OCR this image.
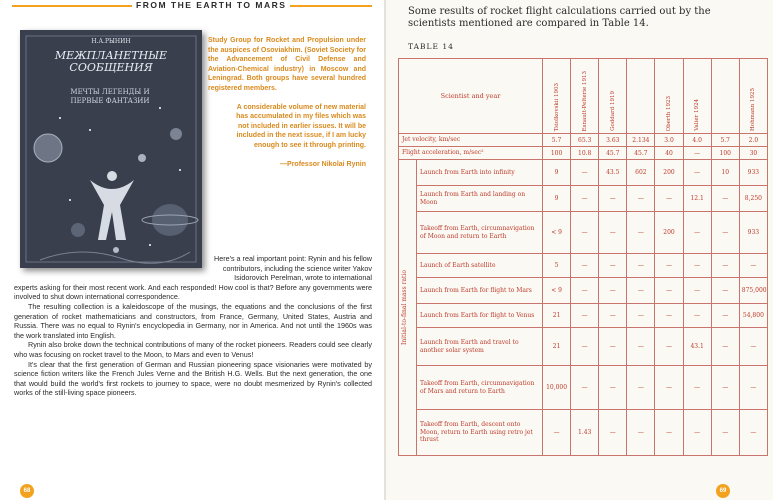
FROM THE EARTH TO MARS
Н.А.РЫНИН
МЕЖПЛАНЕТНЫЕ СООБЩЕНИЯ
МЕЧТЫ ЛЕГЕНДЫ И ПЕРВЫЕ ФАНТАЗИИ

Study Group for Rocket and Propulsion under the auspices of Osoviakhim. (Soviet Society for the Advancement of Civil Defense and Aviation-Chemical industry) in Moscow and Leningrad. Both groups have several hundred registered members.

A considerable volume of new material has accumulated in my files which was not included in earlier issues. It will be included in the next issue, if I am lucky enough to see it through printing.

—Professor Nikolai Rynin

Here's a real important point: Rynin and his fellow contributors, including the science writer Yakov Isidorovich Perelman, wrote to international

experts asking for their most recent work. And each responded! How cool is that? Before any governments were involved to shut down international correspondence.

The resulting collection is a kaleidoscope of the musings, the equations and the conclusions of the first generation of rocket mathematicians and constructors, from France, Germany, United States, Austria and Russia. There was no equal to Rynin's encyclopedia in Germany, nor in America. And not until the 1960s was the work translated into English.

Rynin also broke down the technical contributions of many of the rocket pioneers. Readers could see clearly who was focusing on rocket travel to the Moon, to Mars and even to Venus!

It's clear that the first generation of German and Russian pioneering space visionaries were motivated by science fiction writers like the French Jules Verne and the British H.G. Wells. But the next generation, the one that would build the world's first rockets to journey to space, were no doubt mesmerized by Rynin's collected works of the still-living space pioneers.

68
Some results of rocket flight calculations carried out by the scientists mentioned are compared in Table 14.
TABLE 14
Scientist and year		Tsiolkovskii 1903	Esnault-Pelterie 1913	Goddard 1919		Oberth 1923	Valier 1924		Hohmann 1925

Jet velocity, km/sec		5.7	65.3	3.63	2.134	3.0	4.0	5.7	2.0
Flight acceleration, m/sec²		100	10.8	45.7	45.7	40	—	100	30

Initial-to-final mass ratio	Launch from Earth into infinity	9	—	43.5	602	200	—	10	933
	Launch from Earth and landing on Moon	9	—	—	—	—	12.1	—	8,250
	Takeoff from Earth, circumnavigation of Moon and return to Earth	< 9	—	—	—	200	—	—	933
	Launch of Earth satellite	5	—	—	—	—	—	—	—
	Launch from Earth for flight to Mars	< 9	—	—	—	—	—	—	875,000
	Launch from Earth for flight to Venus	21	—	—	—	—	—	—	54,800
	Launch from Earth and travel to another solar system	21	—	—	—	—	43.1	—	—
	Takeoff from Earth, circumnavigation of Mars and return to Earth	10,000	—	—	—	—	—	—	—
	Takeoff from Earth, descent onto Moon, return to Earth using retro jet thrust	—	1.43	—	—	—	—	—	—
69
